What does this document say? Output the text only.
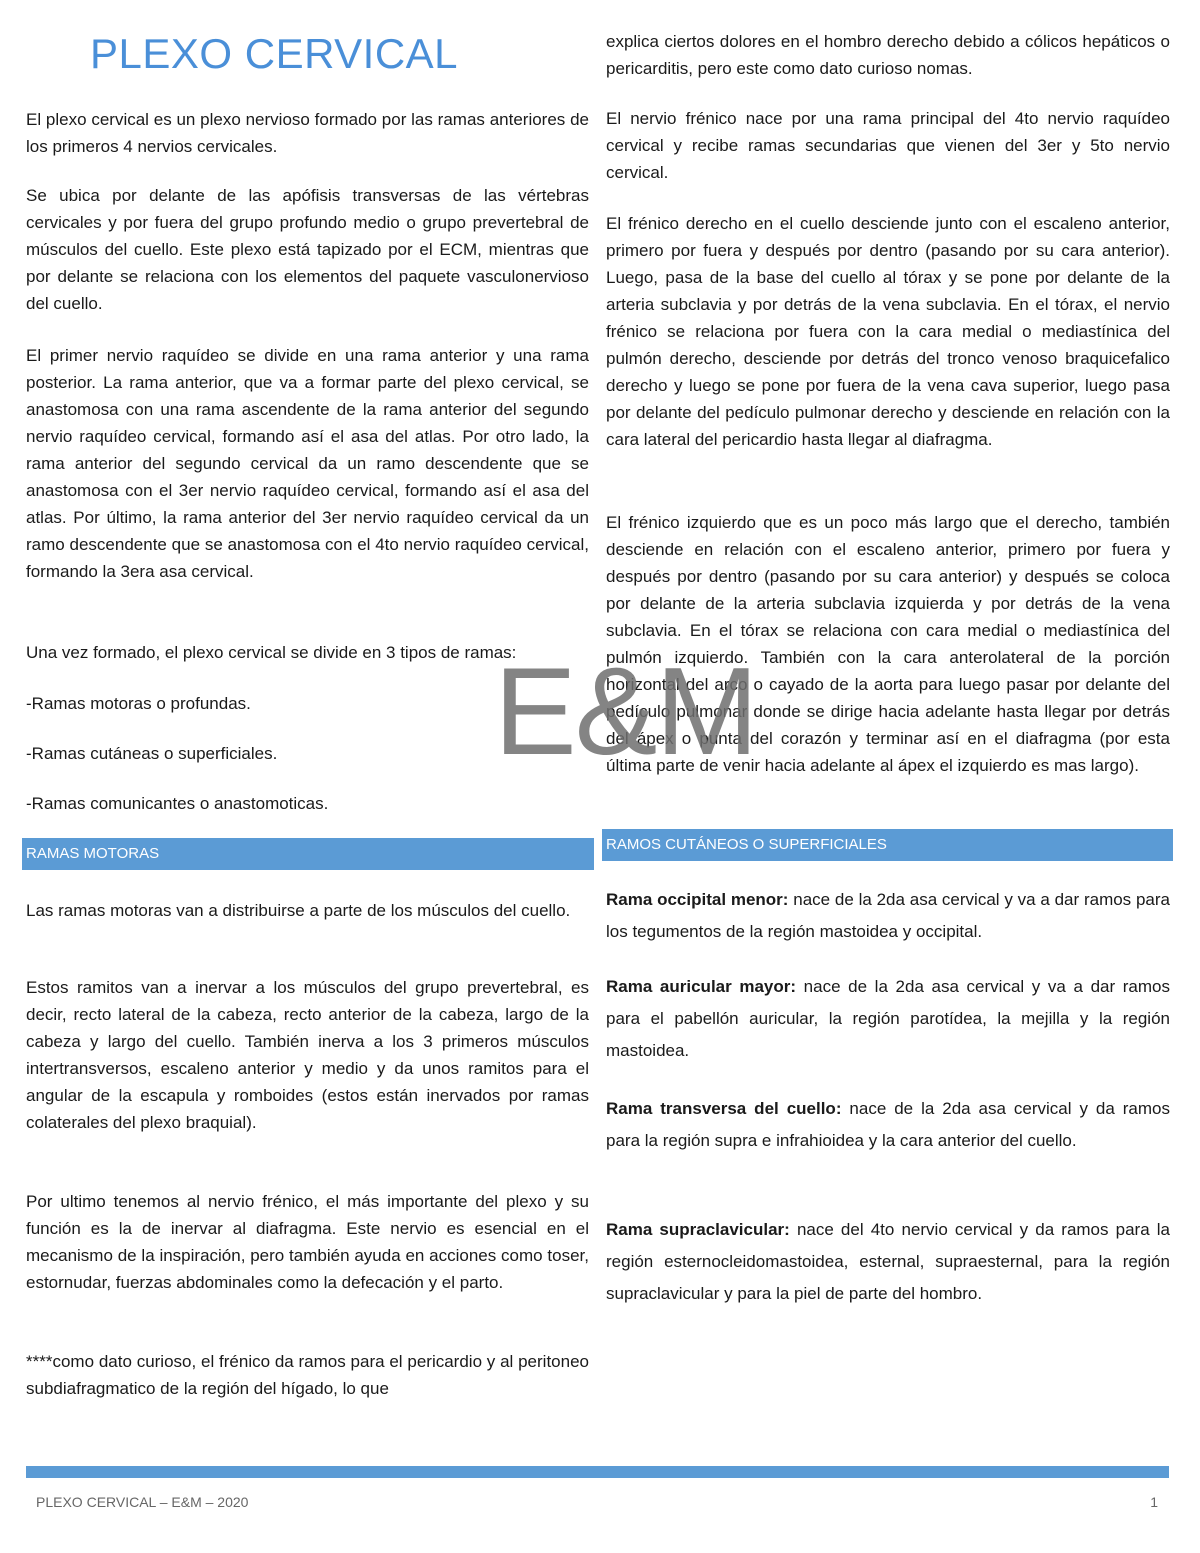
PLEXO CERVICAL

El plexo cervical es un plexo nervioso formado por las ramas anteriores de los primeros 4 nervios cervicales.

Se ubica por delante de las apófisis transversas de las vértebras cervicales y por fuera del grupo profundo medio o grupo prevertebral de músculos del cuello. Este plexo está tapizado por el ECM, mientras que por delante se relaciona con los elementos del paquete vasculonervioso del cuello.

El primer nervio raquídeo se divide en una rama anterior y una rama posterior. La rama anterior, que va a formar parte del plexo cervical, se anastomosa con una rama ascendente de la rama anterior del segundo nervio raquídeo cervical, formando así el asa del atlas. Por otro lado, la rama anterior del segundo cervical da un ramo descendente que se anastomosa con el 3er nervio raquídeo cervical, formando así el asa del atlas. Por último, la rama anterior del 3er nervio raquídeo cervical da un ramo descendente que se anastomosa con el 4to nervio raquídeo cervical, formando la 3era asa cervical.

Una vez formado, el plexo cervical se divide en 3 tipos de ramas:

-Ramas motoras o profundas.

-Ramas cutáneas o superficiales.

-Ramas comunicantes o anastomoticas.

RAMAS MOTORAS

Las ramas motoras van a distribuirse a parte de los músculos del cuello.

Estos ramitos van a inervar a los músculos del grupo prevertebral, es decir, recto lateral de la cabeza, recto anterior de la cabeza, largo de la cabeza y largo del cuello. También inerva a los 3 primeros músculos intertransversos, escaleno anterior y medio y da unos ramitos para el angular de la escapula y romboides (estos están inervados por ramas colaterales del plexo braquial).

Por ultimo tenemos al nervio frénico, el más importante del plexo y su función es la de inervar al diafragma. Este nervio es esencial en el mecanismo de la inspiración, pero también ayuda en acciones como toser, estornudar, fuerzas abdominales como la defecación y el parto.

****como dato curioso, el frénico da ramos para el pericardio y al peritoneo subdiafragmatico de la región del hígado, lo que

explica ciertos dolores en el hombro derecho debido a cólicos hepáticos o pericarditis, pero este como dato curioso nomas.

El nervio frénico nace por una rama principal del 4to nervio raquídeo cervical y recibe ramas secundarias que vienen del 3er y 5to nervio cervical.

El frénico derecho en el cuello desciende junto con el escaleno anterior, primero por fuera y después por dentro (pasando por su cara anterior). Luego, pasa de la base del cuello al tórax y se pone por delante de la arteria subclavia y por detrás de la vena subclavia. En el tórax, el nervio frénico se relaciona por fuera con la cara medial o mediastínica del pulmón derecho, desciende por detrás del tronco venoso braquicefalico derecho y luego se pone por fuera de la vena cava superior, luego pasa por delante del pedículo pulmonar derecho y desciende en relación con la cara lateral del pericardio hasta llegar al diafragma.

El frénico izquierdo que es un poco más largo que el derecho, también desciende en relación con el escaleno anterior, primero por fuera y después por dentro (pasando por su cara anterior) y después se coloca por delante de la arteria subclavia izquierda y por detrás de la vena subclavia. En el tórax se relaciona con cara medial o mediastínica del pulmón izquierdo. También con la cara anterolateral de la porción horizontal del arco o cayado de la aorta para luego pasar por delante del pedículo pulmonar donde se dirige hacia adelante hasta llegar por detrás del ápex o punta del corazón y terminar así en el diafragma (por esta última parte de venir hacia adelante al ápex el izquierdo es mas largo).

RAMOS CUTÁNEOS O SUPERFICIALES

Rama occipital menor: nace de la 2da asa cervical y va a dar ramos para los tegumentos de la región mastoidea y occipital.

Rama auricular mayor: nace de la 2da asa cervical y va a dar ramos para el pabellón auricular, la región parotídea, la mejilla y la región mastoidea.

Rama transversa del cuello: nace de la 2da asa cervical y da ramos para la región supra e infrahioidea y la cara anterior del cuello.

Rama supraclavicular: nace del 4to nervio cervical y da ramos para la región esternocleidomastoidea, esternal, supraesternal, para la región supraclavicular y para la piel de parte del hombro.

E&M
PLEXO CERVICAL – E&M – 2020	1
